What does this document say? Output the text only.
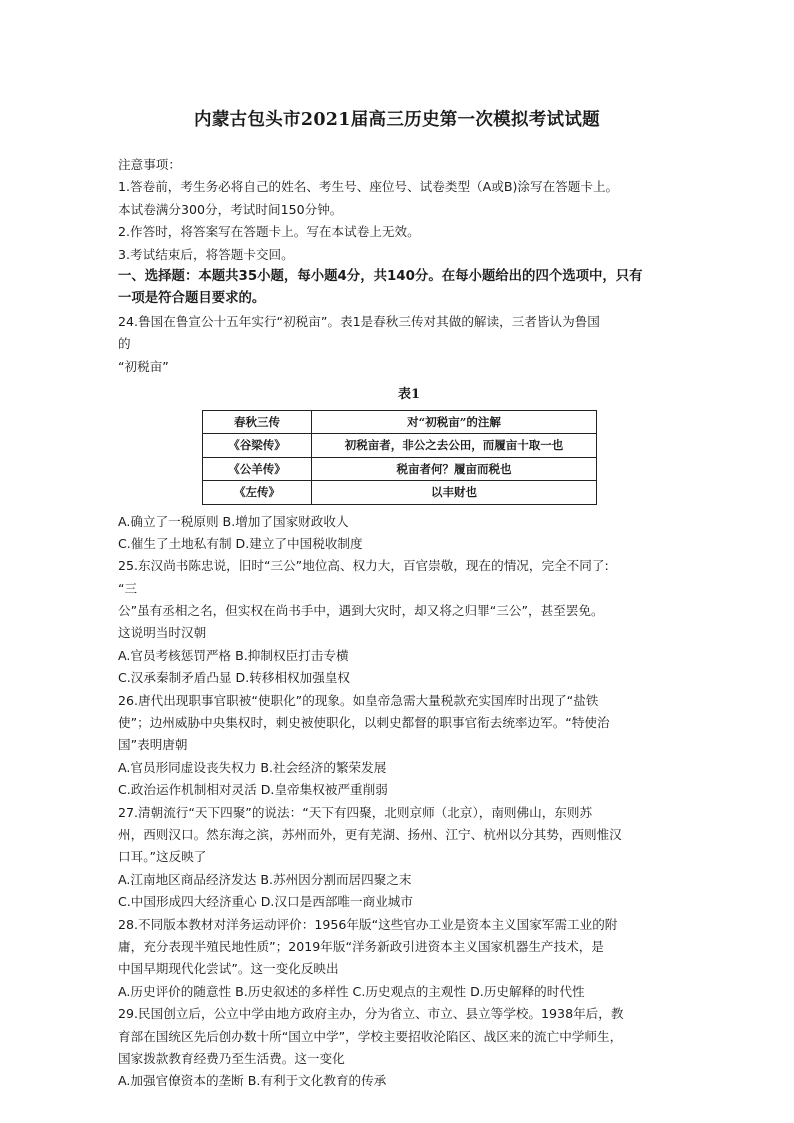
内蒙古包头市2021届高三历史第一次模拟考试试题
注意事项：
1.答卷前，考生务必将自己的姓名、考生号、座位号、试卷类型（A或B)涂写在答题卡上。
本试卷满分300分，考试时间150分钟。
2.作答时，将答案写在答题卡上。写在本试卷上无效。
3.考试结束后，将答题卡交回。
一、选择题：本题共35小题，每小题4分，共140分。在每小题给出的四个选项中，只有
一项是符合题目要求的。
24.鲁国在鲁宣公十五年实行“初税亩”。表1是春秋三传对其做的解读，三者皆认为鲁国
的
“初税亩”
表1
春秋三传	对“初税亩”的注解
《谷梁传》	初税亩者，非公之去公田，而履亩十取一也
《公羊传》	税亩者何？履亩而税也
《左传》	以丰财也
A.确立了一税原则 B.增加了国家财政收人
C.催生了土地私有制 D.建立了中国税收制度
25.东汉尚书陈忠说，旧时“三公”地位高、权力大，百官崇敬，现在的情况，完全不同了:
“三
公”虽有丞相之名，但实权在尚书手中，遇到大灾时，却又将之归罪“三公”，甚至罢免。
这说明当时汉朝
A.官员考核惩罚严格 B.抑制权臣打击专横
C.汉承秦制矛盾凸显 D.转移相权加强皇权
26.唐代出现职事官职被“使职化”的现象。如皇帝急需大量税款充实国库时出现了“盐铁
使”；边州威胁中央集权时，刺史被使职化，以刺史都督的职事官衔去统率边军。“特使治
国”表明唐朝
A.官员形同虚设丧失权力 B.社会经济的繁荣发展
C.政治运作机制相对灵活 D.皇帝集权被严重削弱
27.清朝流行“天下四聚”的说法：“天下有四聚，北则京师（北京），南则佛山，东则苏
州，西则汉口。然东海之滨，苏州而外，更有芜湖、扬州、江宁、杭州以分其势，西则惟汉
口耳。”这反映了
A.江南地区商品经济发达 B.苏州因分割而居四聚之末
C.中国形成四大经济重心 D.汉口是西部唯一商业城市
28.不同版本教材对洋务运动评价：1956年版“这些官办工业是资本主义国家军需工业的附
庸，充分表现半殖民地性质”；2019年版“洋务新政引进资本主义国家机器生产技术，是
中国早期现代化尝试”。这一变化反映出
A.历史评价的随意性 B.历史叙述的多样性 C.历史观点的主观性 D.历史解释的时代性
29.民国创立后，公立中学由地方政府主办，分为省立、市立、县立等学校。1938年后，教
育部在国统区先后创办数十所“国立中学”，学校主要招收沦陷区、战区来的流亡中学师生，
国家拨款教育经费乃至生活费。这一变化
A.加强官僚资本的垄断 B.有利于文化教育的传承
